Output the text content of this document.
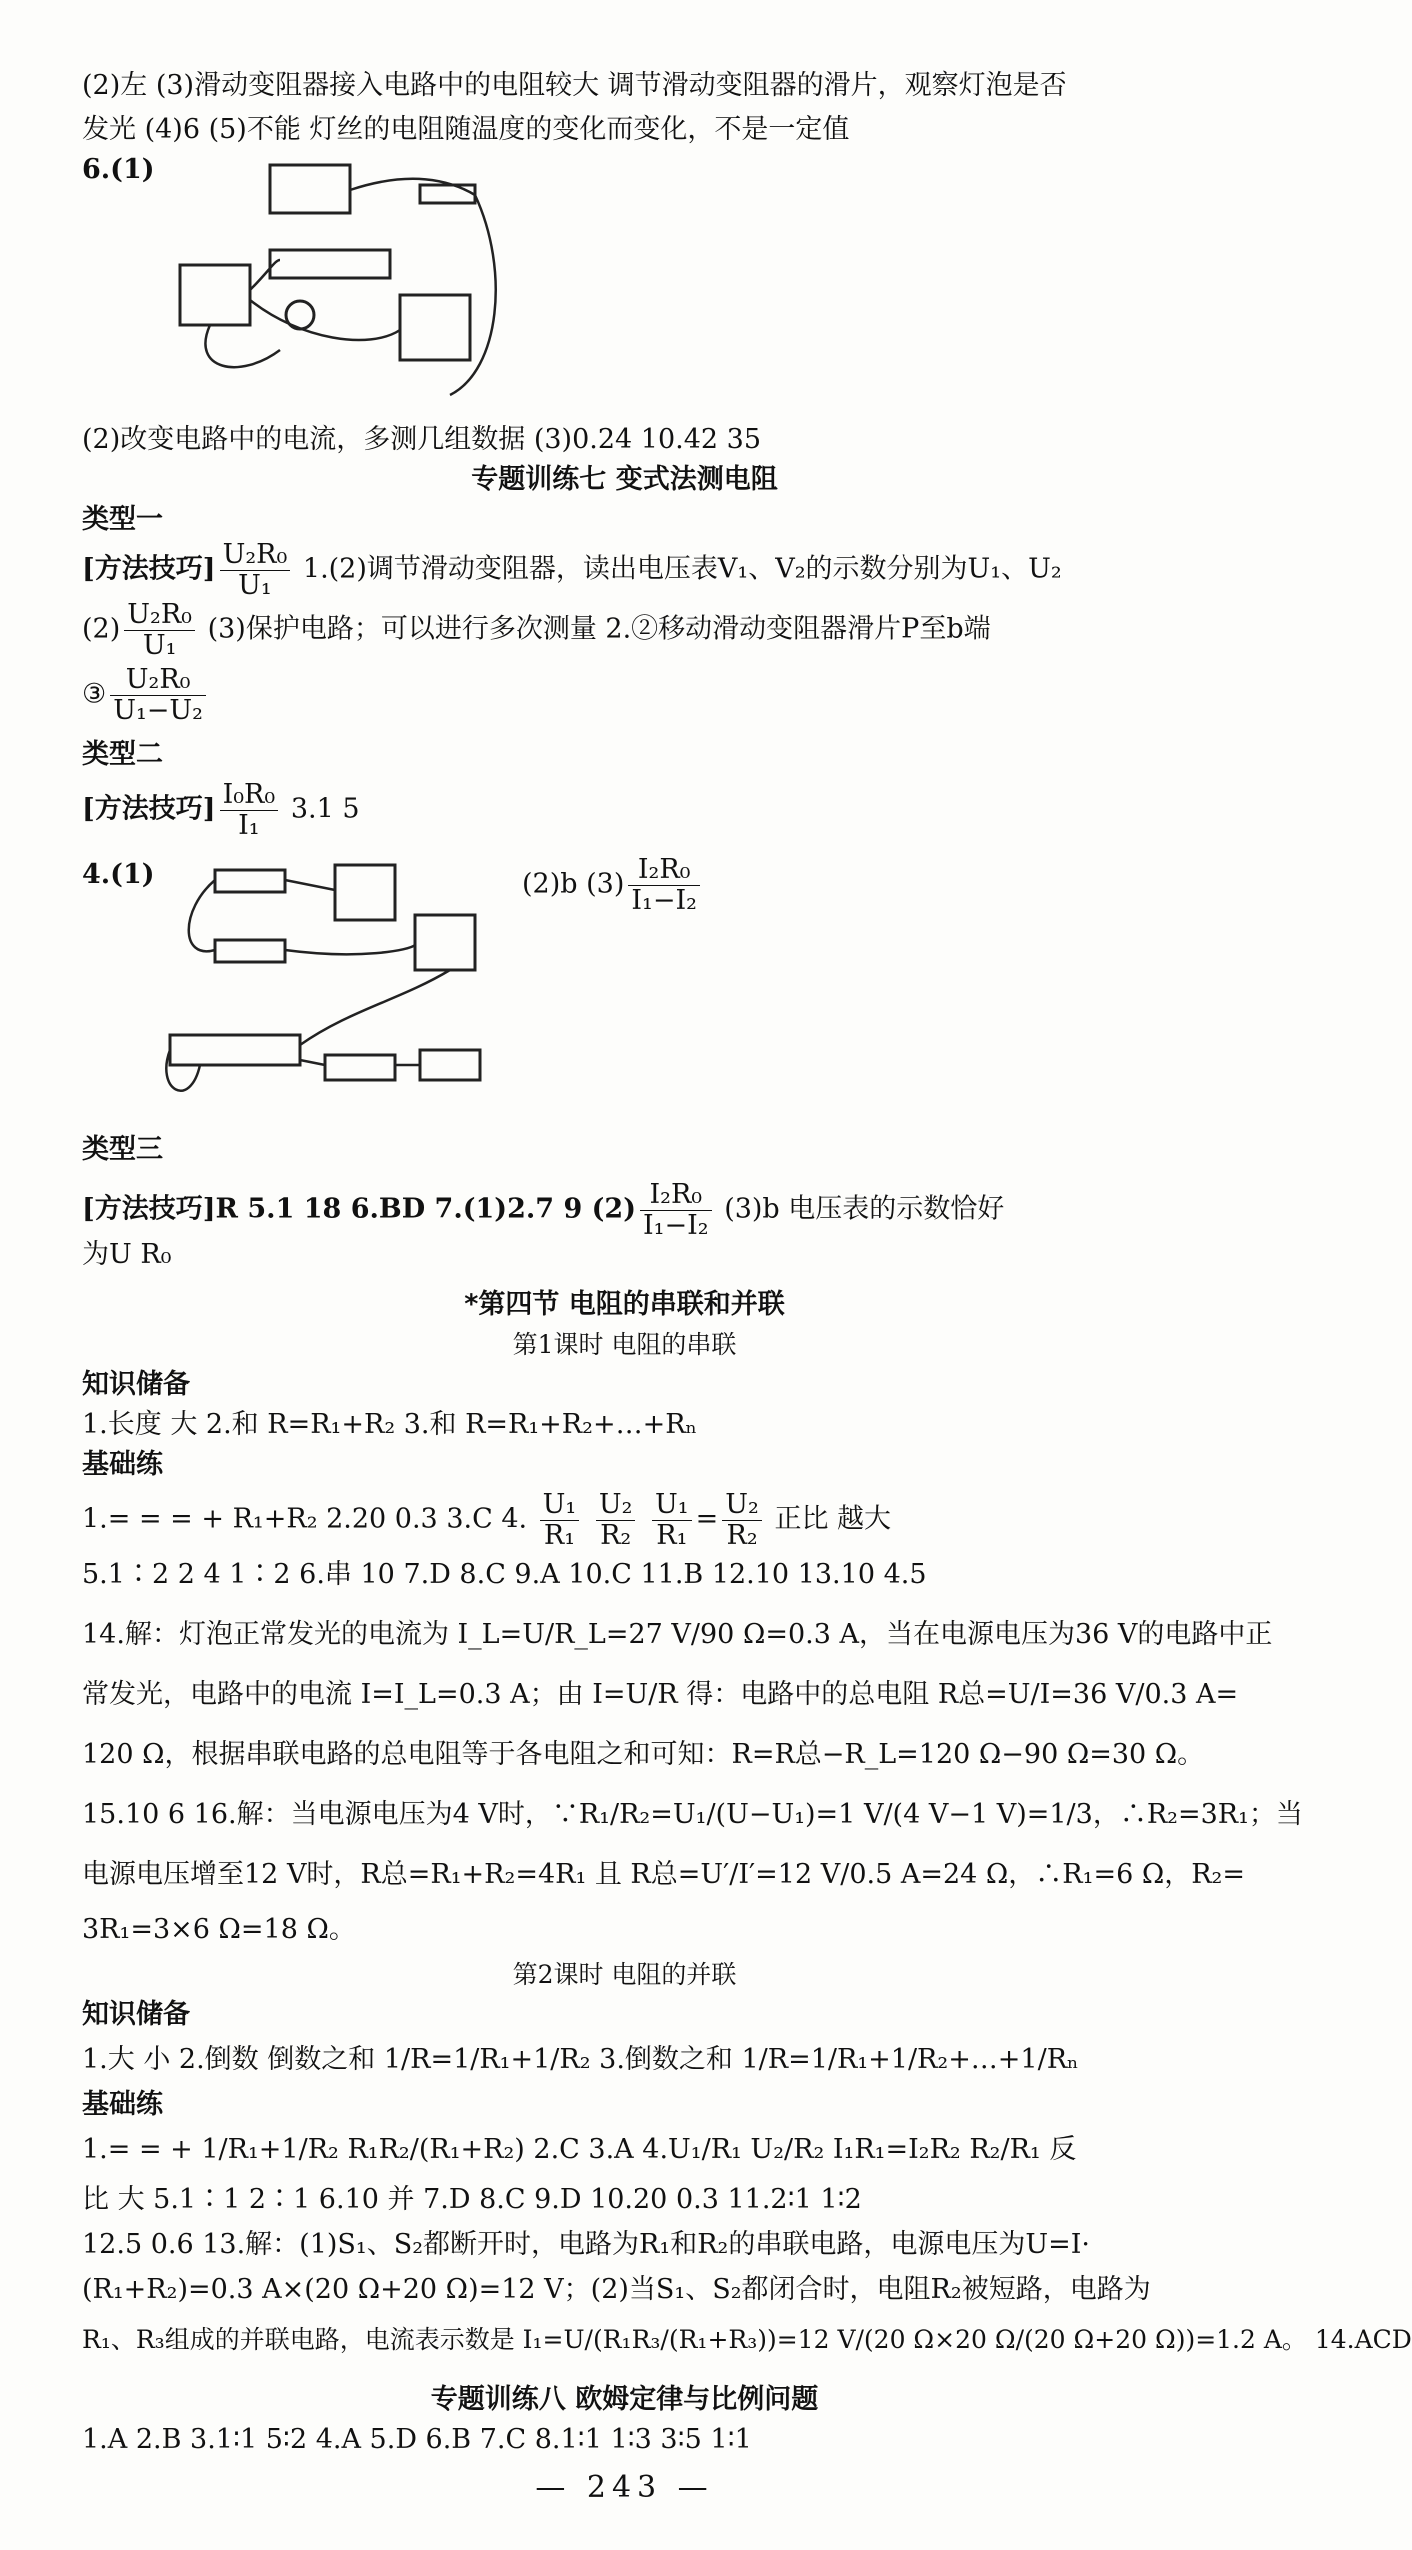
(2)左 (3)滑动变阻器接入电路中的电阻较大 调节滑动变阻器的滑片，观察灯泡是否
发光 (4)6 (5)不能 灯丝的电阻随温度的变化而变化，不是一定值
6.(1)
(2)改变电路中的电流，多测几组数据 (3)0.24 10.42 35
专题训练七 变式法测电阻
类型一
[方法技巧] $\frac{\text{U₂R₀}}{\text{U₁}} 1.(2)$调节滑动变阻器，读出电压表V₁、V₂的示数分别为U₁、U₂
$(2) \frac{\text{U₂R₀}}{\text{U₁}} (3)$保护电路；可以进行多次测量 2.②移动滑动变阻器滑片P至b端
③ $\frac{\text{U₂R₀}}{\text{U₁−U₂}}$
类型二
[方法技巧] $\frac{\text{I₀R₀}}{\text{I₁}} 3.1$ 5
4.(1)	(2)b $(3) \frac{\text{I₂R₀}}{\text{I₁−I₂}}$
类型三
[方法技巧]R 5.1 18 6.BD 7.(1)2.7 9 $(2) \frac{\text{I₂R₀}}{\text{I₁−I₂}} (3)b$ 电压表的示数恰好
为U R₀
*第四节 电阻的串联和并联
第1课时 电阻的串联
知识储备
1.长度 大 2.和 R=R₁+R₂ 3.和 R=R₁+R₂+…+Rₙ
基础练
1.= = = + R₁+R₂ 2.20 0.3 3.C 4. $\frac{\text{U₁}}{\text{R₁}}$
$\frac{\text{U₂}}{\text{R₂}}$
$\frac{\text{U₁}}{\text{R₁}} = \frac{\text{U₂}}{\text{R₂}}$ 正比 越大
5.1∶2 2 4 1∶2 6.串 10 7.D 8.C 9.A 10.C 11.B 12.10 13.10 4.5
14.解：灯泡正常发光的电流为 I_L=U/R_L=27 V/90 Ω=0.3 A，当在电源电压为36 V的电路中正
常发光，电路中的电流 I=I_L=0.3 A；由 I=U/R 得：电路中的总电阻 R总=U/I=36 V/0.3 A=
120 Ω，根据串联电路的总电阻等于各电阻之和可知：R=R总−R_L=120 Ω−90 Ω=30 Ω。
15.10 6 16.解：当电源电压为4 V时，∵R₁/R₂=U₁/(U−U₁)=1 V/(4 V−1 V)=1/3，∴R₂=3R₁；当
电源电压增至12 V时，R总=R₁+R₂=4R₁ 且 R总=U′/I′=12 V/0.5 A=24 Ω，∴R₁=6 Ω，R₂=
3R₁=3×6 Ω=18 Ω。
第2课时 电阻的并联
知识储备
1.大 小 2.倒数 倒数之和 1/R=1/R₁+1/R₂ 3.倒数之和 1/R=1/R₁+1/R₂+…+1/Rₙ
基础练
1.= = + 1/R₁+1/R₂ R₁R₂/(R₁+R₂) 2.C 3.A 4.U₁/R₁ U₂/R₂ I₁R₁=I₂R₂ R₂/R₁ 反
比 大 5.1∶1 2∶1 6.10 并 7.D 8.C 9.D 10.20 0.3 11.2∶1 1∶2
12.5 0.6 13.解：(1)S₁、S₂都断开时，电路为R₁和R₂的串联电路，电源电压为U=I·
(R₁+R₂)=0.3 A×(20 Ω+20 Ω)=12 V；(2)当S₁、S₂都闭合时，电阻R₂被短路，电路为
R₁、R₃组成的并联电路，电流表示数是 I₁=U/(R₁R₃/(R₁+R₃))=12 V/(20 Ω×20 Ω/(20 Ω+20 Ω))=1.2 A。 14.ACD
专题训练八 欧姆定律与比例问题
1.A 2.B 3.1∶1 5∶2 4.A 5.D 6.B 7.C 8.1∶1 1∶3 3∶5 1∶1
— 243 —
